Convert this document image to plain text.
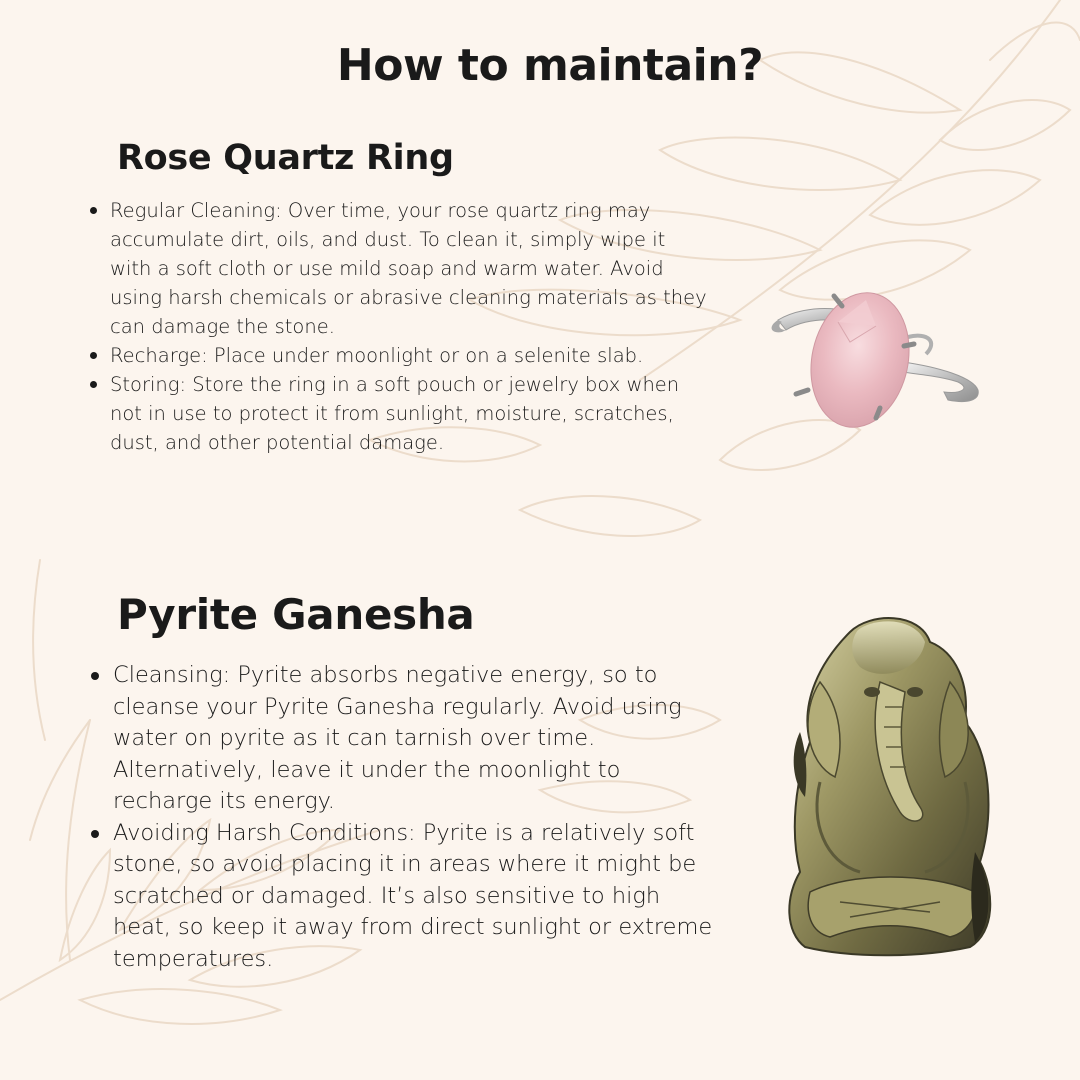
How to maintain?
Rose Quartz Ring
Regular Cleaning: Over time, your rose quartz ring may accumulate dirt, oils, and dust. To clean it, simply wipe it with a soft cloth or use mild soap and warm water. Avoid using harsh chemicals or abrasive cleaning materials as they can damage the stone.
Recharge: Place under moonlight or on a selenite slab.
Storing: Store the ring in a soft pouch or jewelry box when not in use to protect it from sunlight, moisture, scratches, dust, and other potential damage.
Pyrite Ganesha
Cleansing: Pyrite absorbs negative energy, so to cleanse your Pyrite Ganesha regularly. Avoid using water on pyrite as it can tarnish over time. Alternatively, leave it under the moonlight to recharge its energy.
Avoiding Harsh Conditions: Pyrite is a relatively soft stone, so avoid placing it in areas where it might be scratched or damaged. It’s also sensitive to high heat, so keep it away from direct sunlight or extreme temperatures.
